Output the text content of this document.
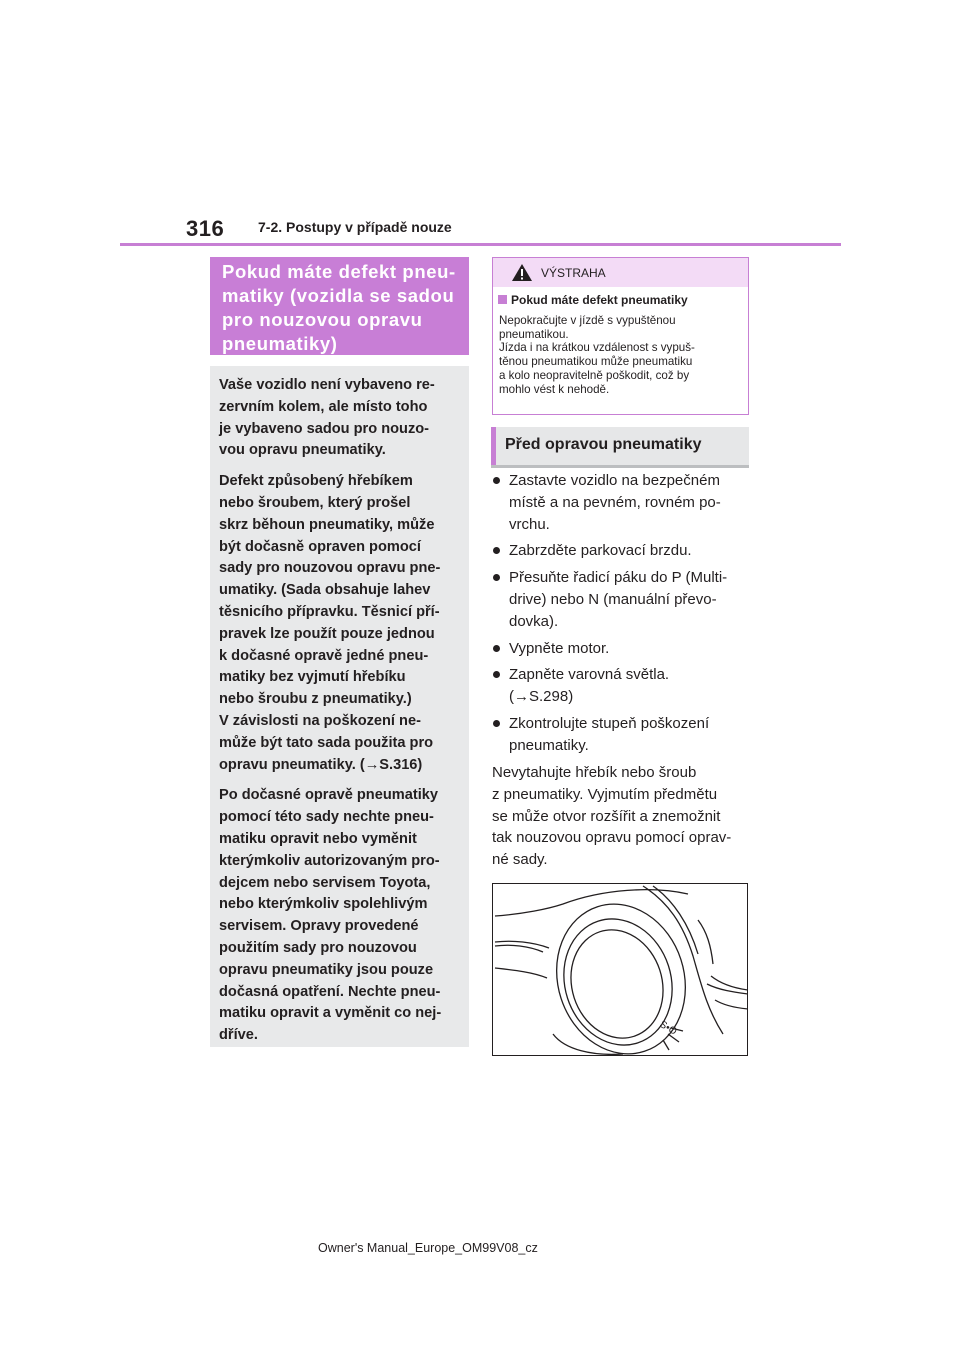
316 7-2. Postupy v případě nouze
Pokud máte defekt pneu-
matiky (vozidla se sadou
pro nouzovou opravu
pneumatiky)

Vaše vozidlo není vybaveno re-
zervním kolem, ale místo toho
je vybaveno sadou pro nouzo-
vou opravu pneumatiky.

Defekt způsobený hřebíkem
nebo šroubem, který prošel
skrz běhoun pneumatiky, může
být dočasně opraven pomocí
sady pro nouzovou opravu pne-
umatiky. (Sada obsahuje lahev
těsnicího přípravku. Těsnicí pří-
pravek lze použít pouze jednou
k dočasné opravě jedné pneu-
matiky bez vyjmutí hřebíku
nebo šroubu z pneumatiky.)
V závislosti na poškození ne-
může být tato sada použita pro
opravu pneumatiky. (→S.316)

Po dočasné opravě pneumatiky
pomocí této sady nechte pneu-
matiku opravit nebo vyměnit
kterýmkoliv autorizovaným pro-
dejcem nebo servisem Toyota,
nebo kterýmkoliv spolehlivým
servisem. Opravy provedené
použitím sady pro nouzovou
opravu pneumatiky jsou pouze
dočasná opatření. Nechte pneu-
matiku opravit a vyměnit co nej-
dříve.

VÝSTRAHA
Pokud máte defekt pneumatiky
Nepokračujte v jízdě s vypuštěnou
pneumatikou.
Jízda i na krátkou vzdálenost s vypuš-
těnou pneumatikou může pneumatiku
a kolo neopravitelně poškodit, což by
mohlo vést k nehodě.
Před opravou pneumatiky
Zastavte vozidlo na bezpečném
místě a na pevném, rovném po-
vrchu.
Zabrzděte parkovací brzdu.
Přesuňte řadicí páku do P (Multi-
drive) nebo N (manuální převo-
dovka).
Vypněte motor.
Zapněte varovná světla.
(→S.298)
Zkontrolujte stupeň poškození
pneumatiky.
Nevytahujte hřebík nebo šroub
z pneumatiky. Vyjmutím předmětu
se může otvor rozšířit a znemožnit
tak nouzovou opravu pomocí oprav-
né sady.
S•O
Owner's Manual_Europe_OM99V08_cz
